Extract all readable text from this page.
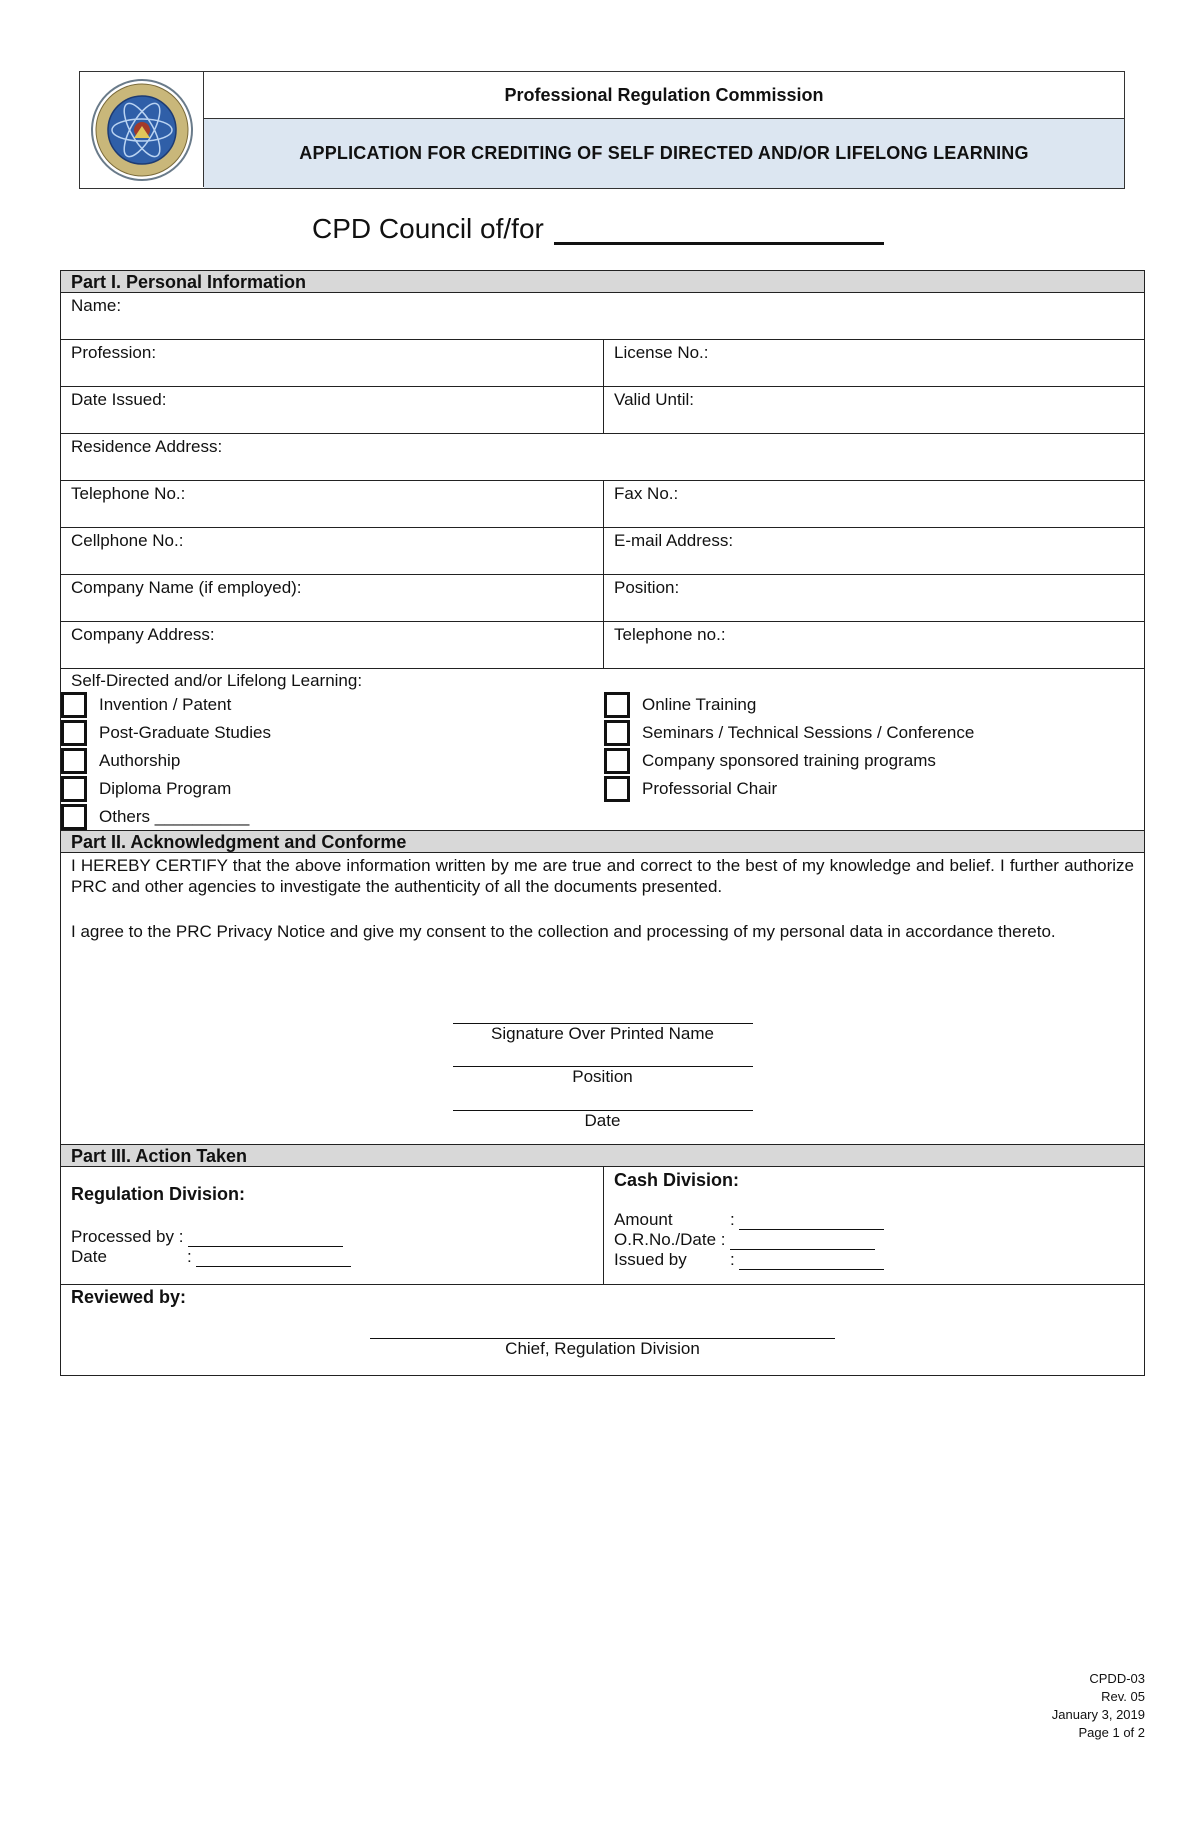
Professional Regulation Commission
APPLICATION FOR CREDITING OF SELF DIRECTED AND/OR LIFELONG LEARNING
CPD Council of/for
Part I. Personal Information
Name:
Profession:	License No.:
Date Issued:	Valid Until:
Residence Address:
Telephone No.:	Fax No.:
Cellphone No.:	E-mail Address:
Company Name (if employed):	Position:
Company Address:	Telephone no.:
Self-Directed and/or Lifelong Learning:
Invention / Patent
Post-Graduate Studies
Authorship
Diploma Program
Others __________
Online Training
Seminars / Technical Sessions / Conference
Company sponsored training programs
Professorial Chair
Part II. Acknowledgment and Conforme

I HEREBY CERTIFY that the above information written by me are true and correct to the best of my knowledge and belief. I further authorize PRC and other agencies to investigate the authenticity of all the documents presented.

I agree to the PRC Privacy Notice and give my consent to the collection and processing of my personal data in accordance thereto.

Signature Over Printed Name
Position
Date
Part III. Action Taken
Regulation Division:
Processed by :
Date	:
Cash Division:
Amount	:
O.R.No./Date :
Issued by	:
Reviewed by:
Chief, Regulation Division
CPDD-03
Rev. 05
January 3, 2019
Page 1 of 2
